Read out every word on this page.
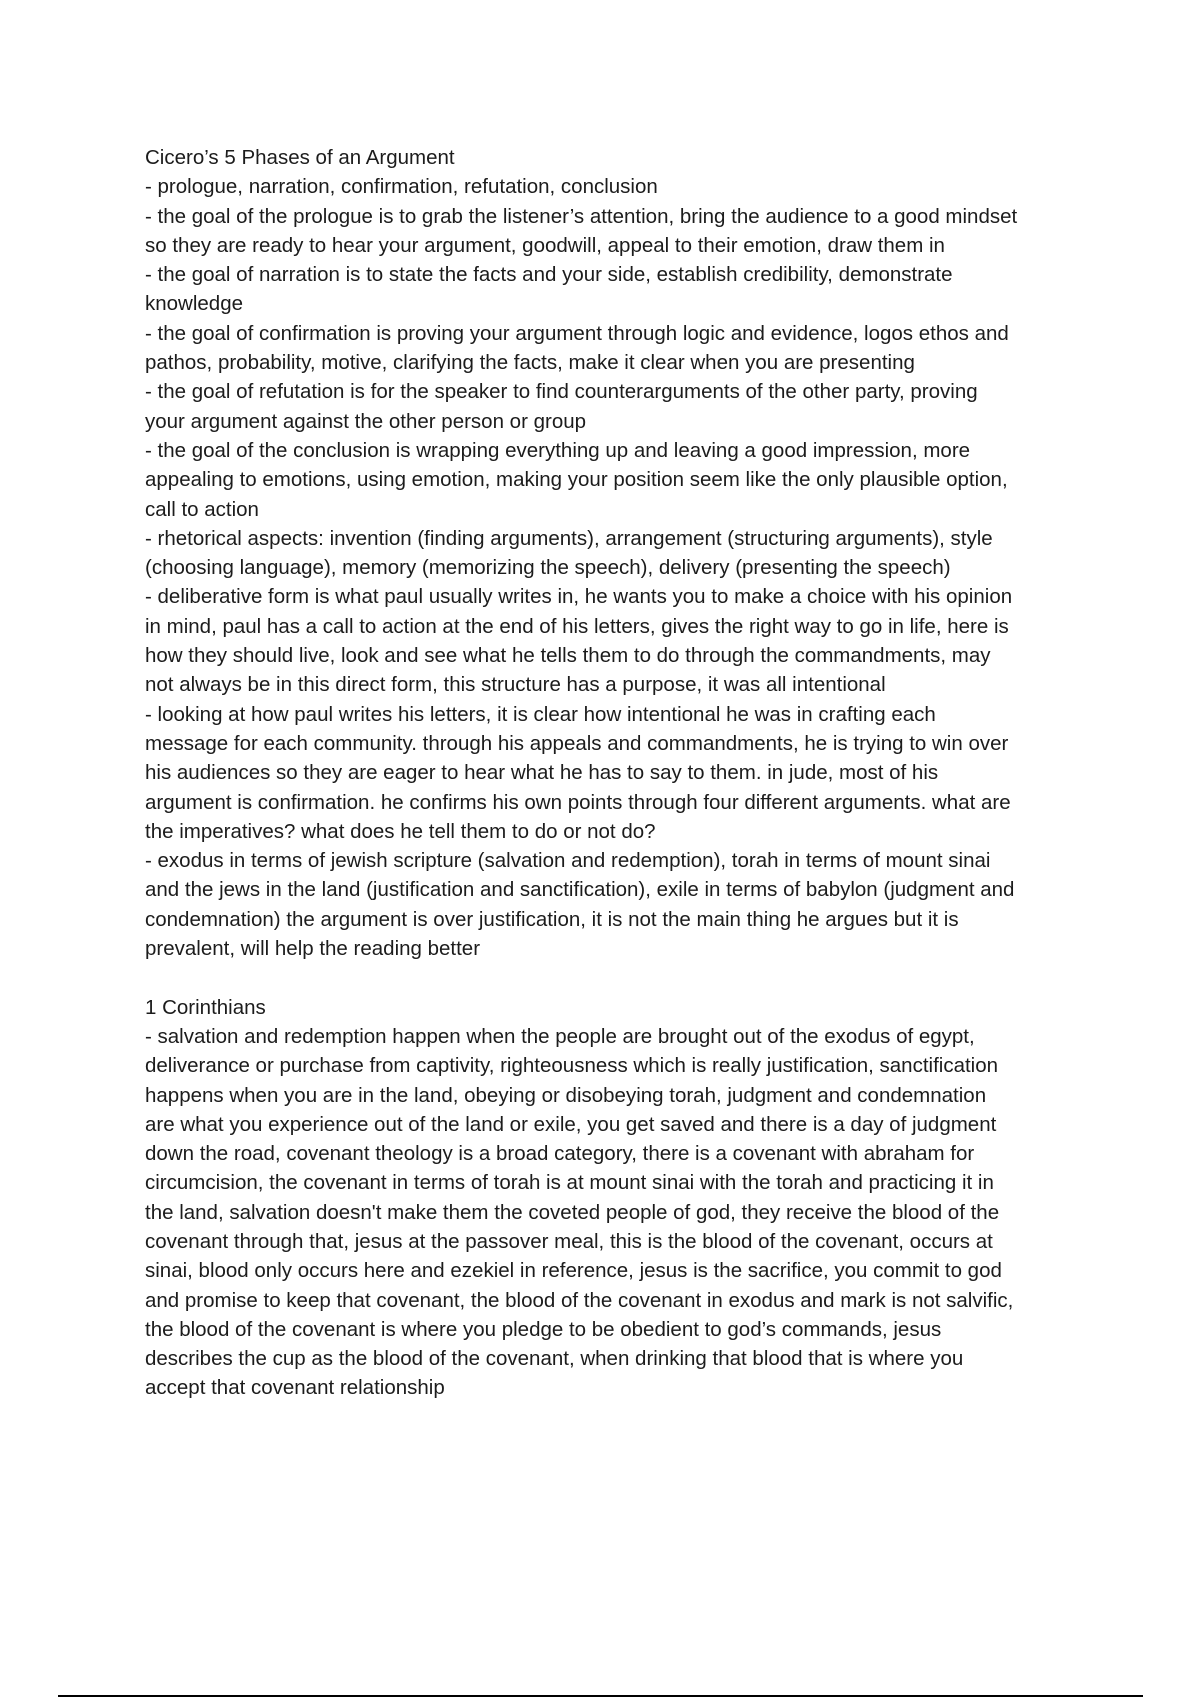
Cicero’s 5 Phases of an Argument
- prologue, narration, confirmation, refutation, conclusion
- the goal of the prologue is to grab the listener’s attention, bring the audience to a good mindset
so they are ready to hear your argument, goodwill, appeal to their emotion, draw them in
- the goal of narration is to state the facts and your side, establish credibility, demonstrate
knowledge
- the goal of confirmation is proving your argument through logic and evidence, logos ethos and
pathos, probability, motive, clarifying the facts, make it clear when you are presenting
- the goal of refutation is for the speaker to find counterarguments of the other party, proving
your argument against the other person or group
- the goal of the conclusion is wrapping everything up and leaving a good impression, more
appealing to emotions, using emotion, making your position seem like the only plausible option,
call to action
- rhetorical aspects: invention (finding arguments), arrangement (structuring arguments), style
(choosing language), memory (memorizing the speech), delivery (presenting the speech)
- deliberative form is what paul usually writes in, he wants you to make a choice with his opinion
in mind, paul has a call to action at the end of his letters, gives the right way to go in life, here is
how they should live, look and see what he tells them to do through the commandments, may
not always be in this direct form, this structure has a purpose, it was all intentional
- looking at how paul writes his letters, it is clear how intentional he was in crafting each
message for each community. through his appeals and commandments, he is trying to win over
his audiences so they are eager to hear what he has to say to them. in jude, most of his
argument is confirmation. he confirms his own points through four different arguments. what are
the imperatives? what does he tell them to do or not do?
- exodus in terms of jewish scripture (salvation and redemption), torah in terms of mount sinai
and the jews in the land (justification and sanctification), exile in terms of babylon (judgment and
condemnation) the argument is over justification, it is not the main thing he argues but it is
prevalent, will help the reading better
1 Corinthians
- salvation and redemption happen when the people are brought out of the exodus of egypt,
deliverance or purchase from captivity, righteousness which is really justification, sanctification
happens when you are in the land, obeying or disobeying torah, judgment and condemnation
are what you experience out of the land or exile, you get saved and there is a day of judgment
down the road, covenant theology is a broad category, there is a covenant with abraham for
circumcision, the covenant in terms of torah is at mount sinai with the torah and practicing it in
the land, salvation doesn't make them the coveted people of god, they receive the blood of the
covenant through that, jesus at the passover meal, this is the blood of the covenant, occurs at
sinai, blood only occurs here and ezekiel in reference, jesus is the sacrifice, you commit to god
and promise to keep that covenant, the blood of the covenant in exodus and mark is not salvific,
the blood of the covenant is where you pledge to be obedient to god’s commands, jesus
describes the cup as the blood of the covenant, when drinking that blood that is where you
accept that covenant relationship
